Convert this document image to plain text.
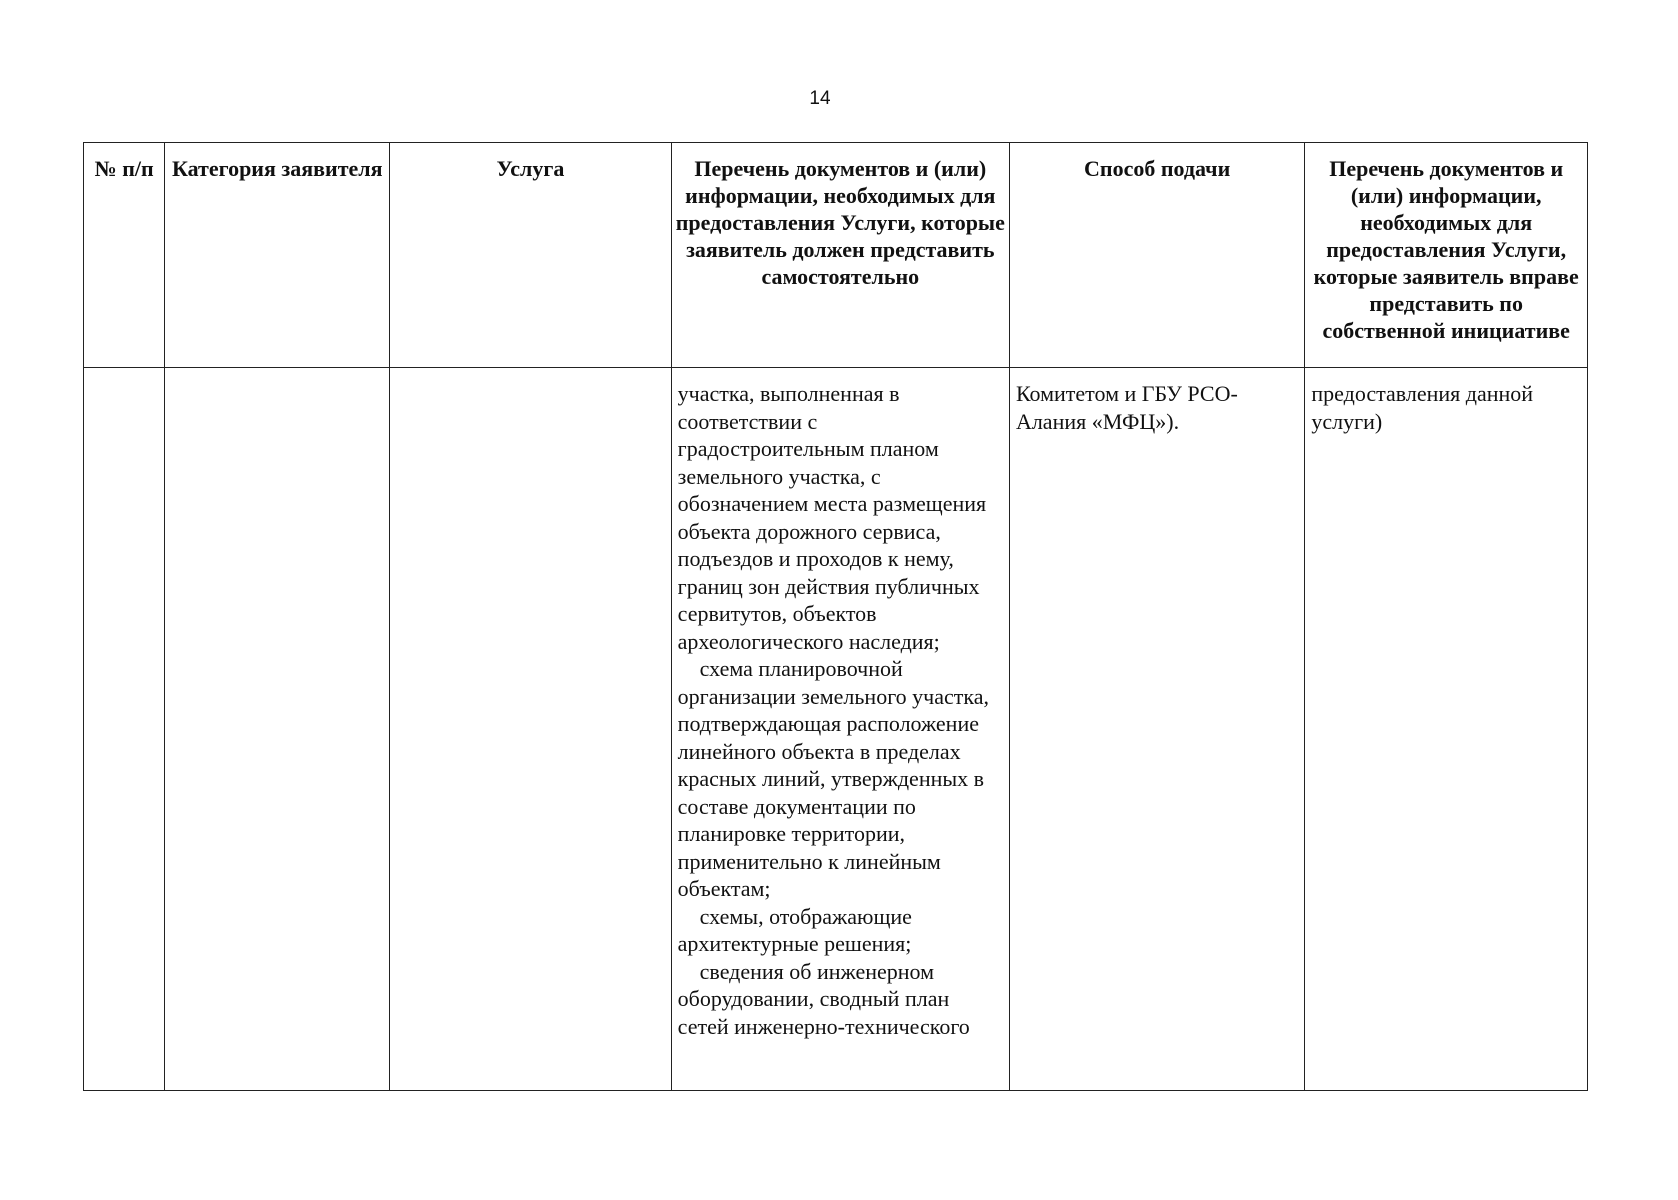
14
№ п/п	Категория заявителя	Услуга	Перечень документов и (или) информации, необходимых для предоставления Услуги, которые заявитель должен представить самостоятельно	Способ подачи	Перечень документов и (или) информации, необходимых для предоставления Услуги, которые заявитель вправе представить по собственной инициативе

			участка, выполненная в соответствии с градостроительным планом земельного участка, с обозначением места размещения объекта дорожного сервиса, подъездов и проходов к нему, границ зон действия публичных сервитутов, объектов археологического наследия;
схема планировочной организации земельного участка, подтверждающая расположение линейного объекта в пределах красных линий, утвержденных в составе документации по планировке территории, применительно к линейным объектам;
схемы, отображающие архитектурные решения;
сведения об инженерном оборудовании, сводный план сетей инженерно-технического	Комитетом и ГБУ РСО-Алания «МФЦ»).	предоставления данной услуги)
